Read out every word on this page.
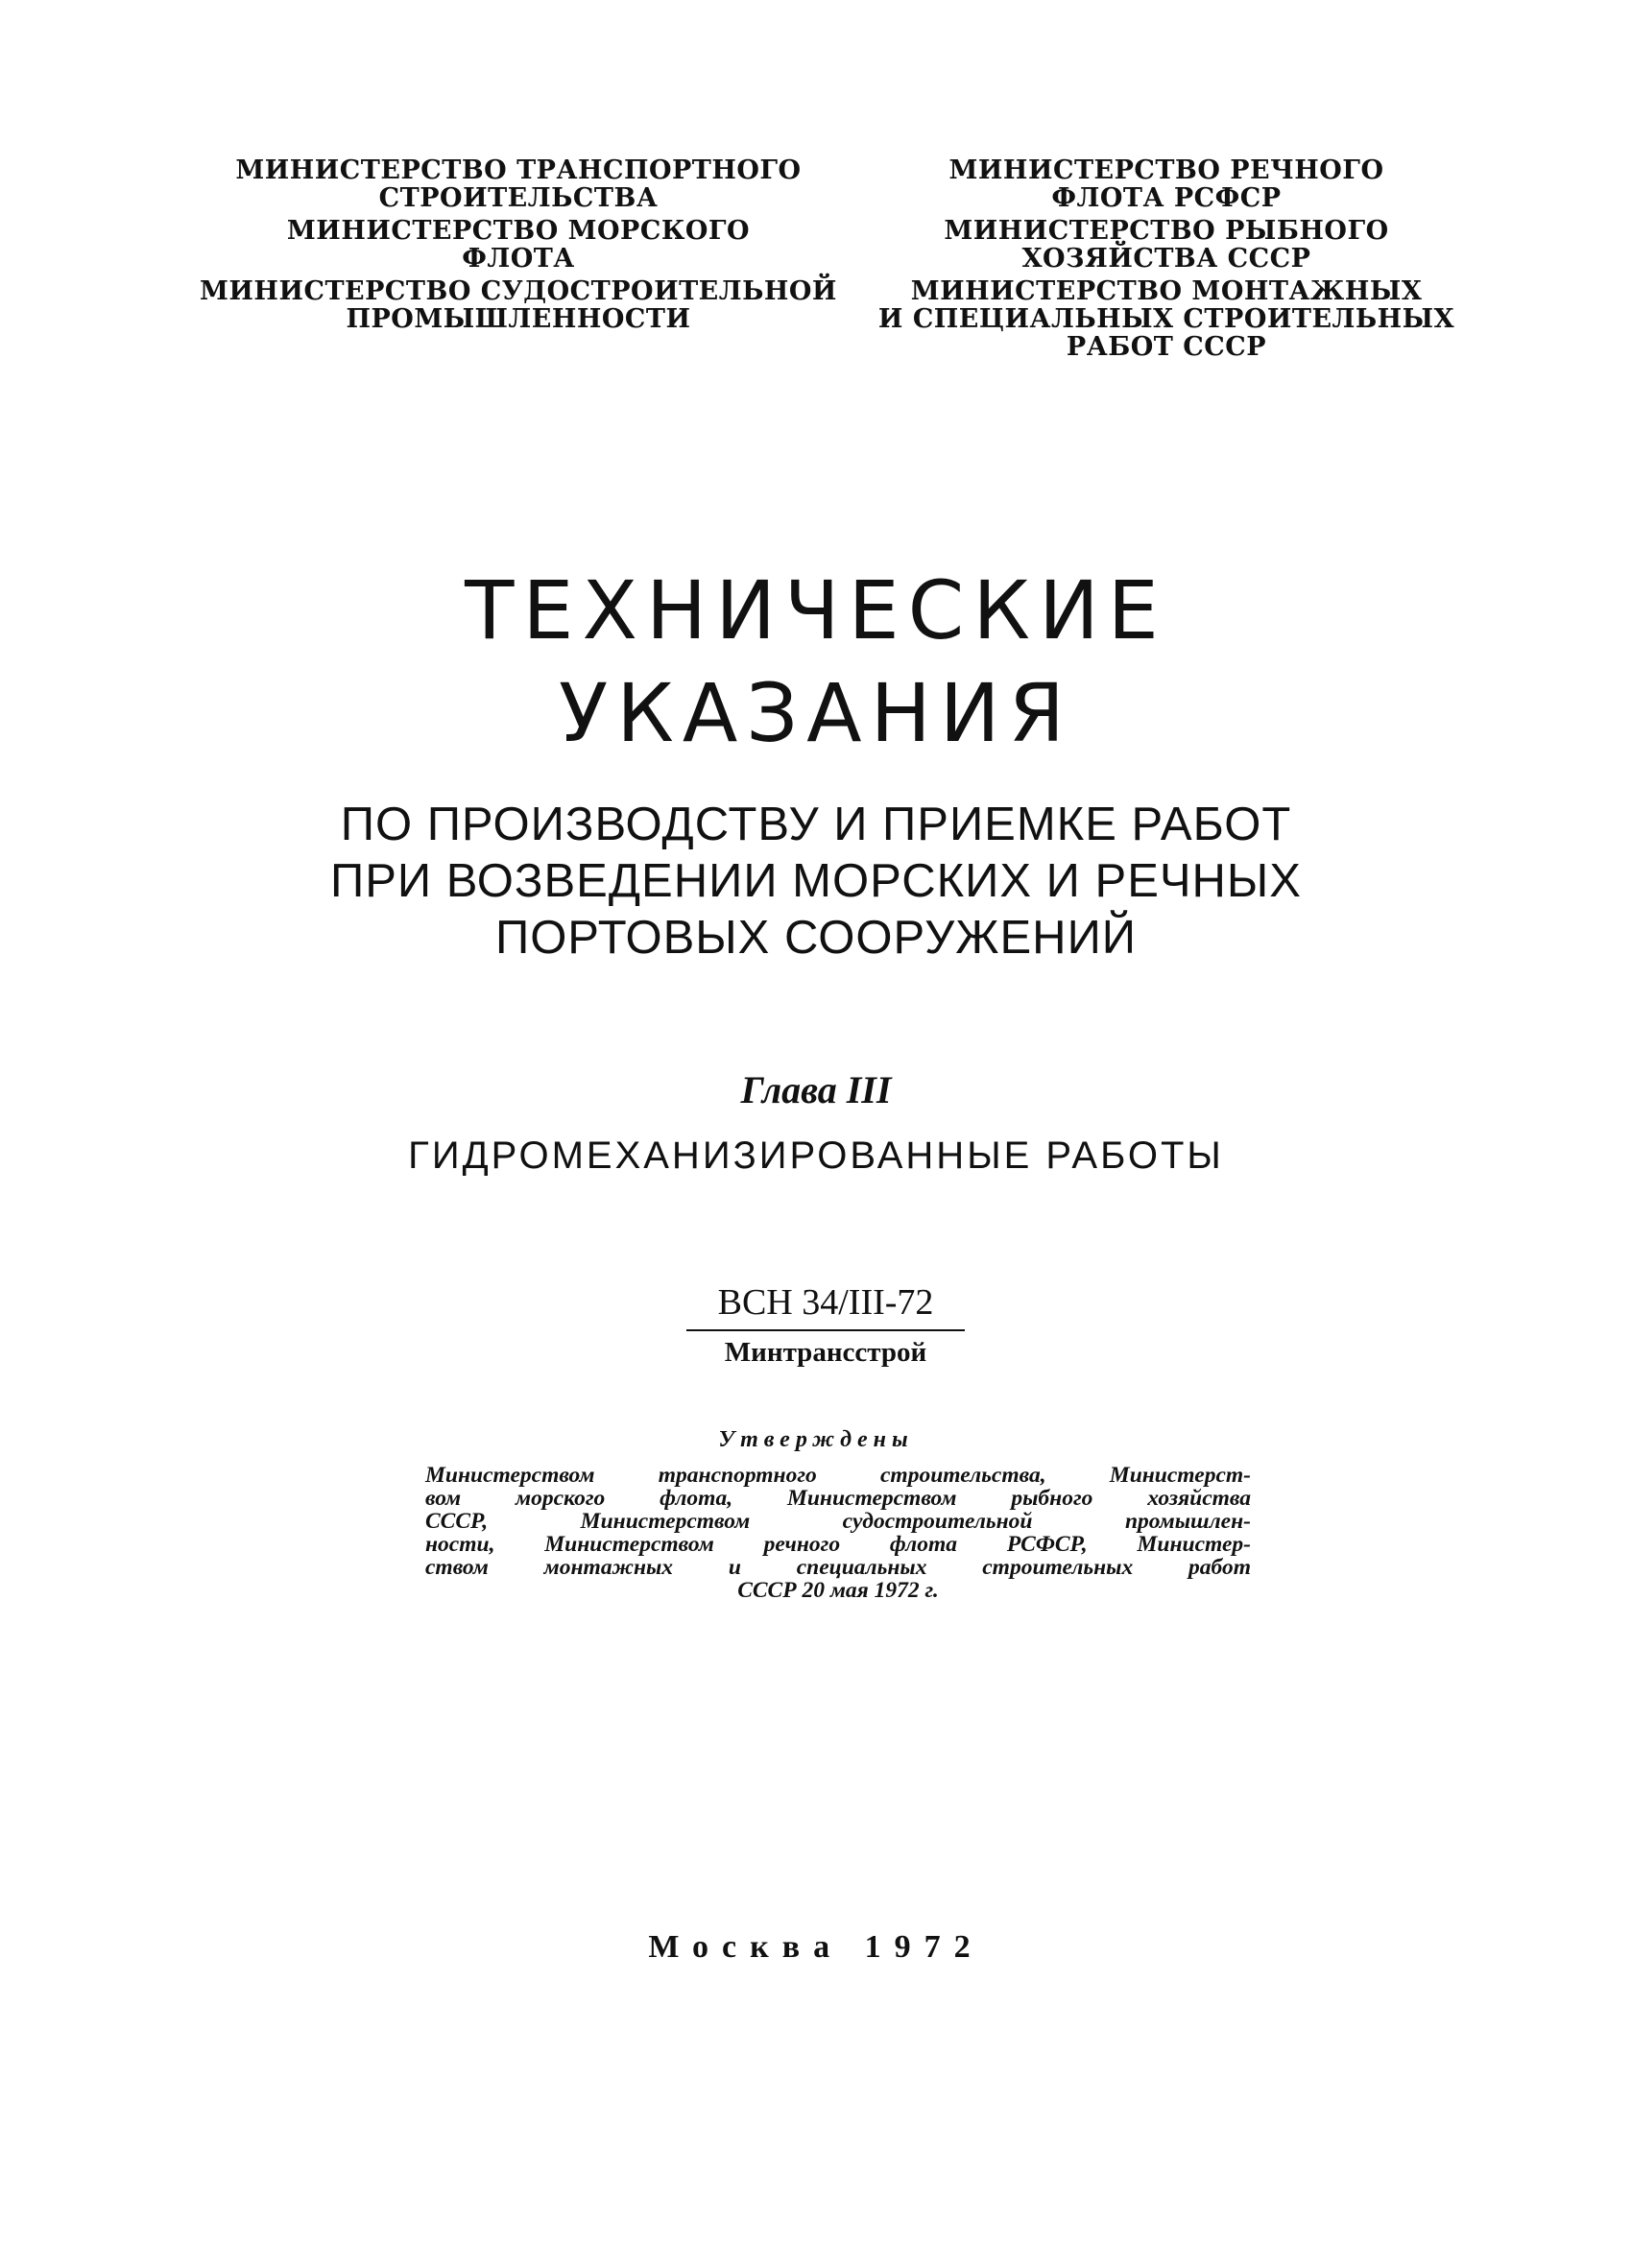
МИНИСТЕРСТВО ТРАНСПОРТНОГО
СТРОИТЕЛЬСТВА
МИНИСТЕРСТВО МОРСКОГО
ФЛОТА
МИНИСТЕРСТВО СУДОСТРОИТЕЛЬНОЙ
ПРОМЫШЛЕННОСТИ
МИНИСТЕРСТВО РЕЧНОГО
ФЛОТА РСФСР
МИНИСТЕРСТВО РЫБНОГО
ХОЗЯЙСТВА СССР
МИНИСТЕРСТВО МОНТАЖНЫХ
И СПЕЦИАЛЬНЫХ СТРОИТЕЛЬНЫХ
РАБОТ СССР
ТЕХНИЧЕСКИЕ
УКАЗАНИЯ
ПО ПРОИЗВОДСТВУ И ПРИЕМКЕ РАБОТ
ПРИ ВОЗВЕДЕНИИ МОРСКИХ И РЕЧНЫХ
ПОРТОВЫХ СООРУЖЕНИЙ
Глава III
ГИДРОМЕХАНИЗИРОВАННЫЕ РАБОТЫ
ВСН 34/III-72
Минтрансстрой
Утверждены
Министерством транспортного строительства, Министерст-
вом морского флота, Министерством рыбного хозяйства
СССР, Министерством судостроительной промышлен-
ности, Министерством речного флота РСФСР, Министер-
ством монтажных и специальных строительных работ
СССР 20 мая 1972 г.
Москва 1972
